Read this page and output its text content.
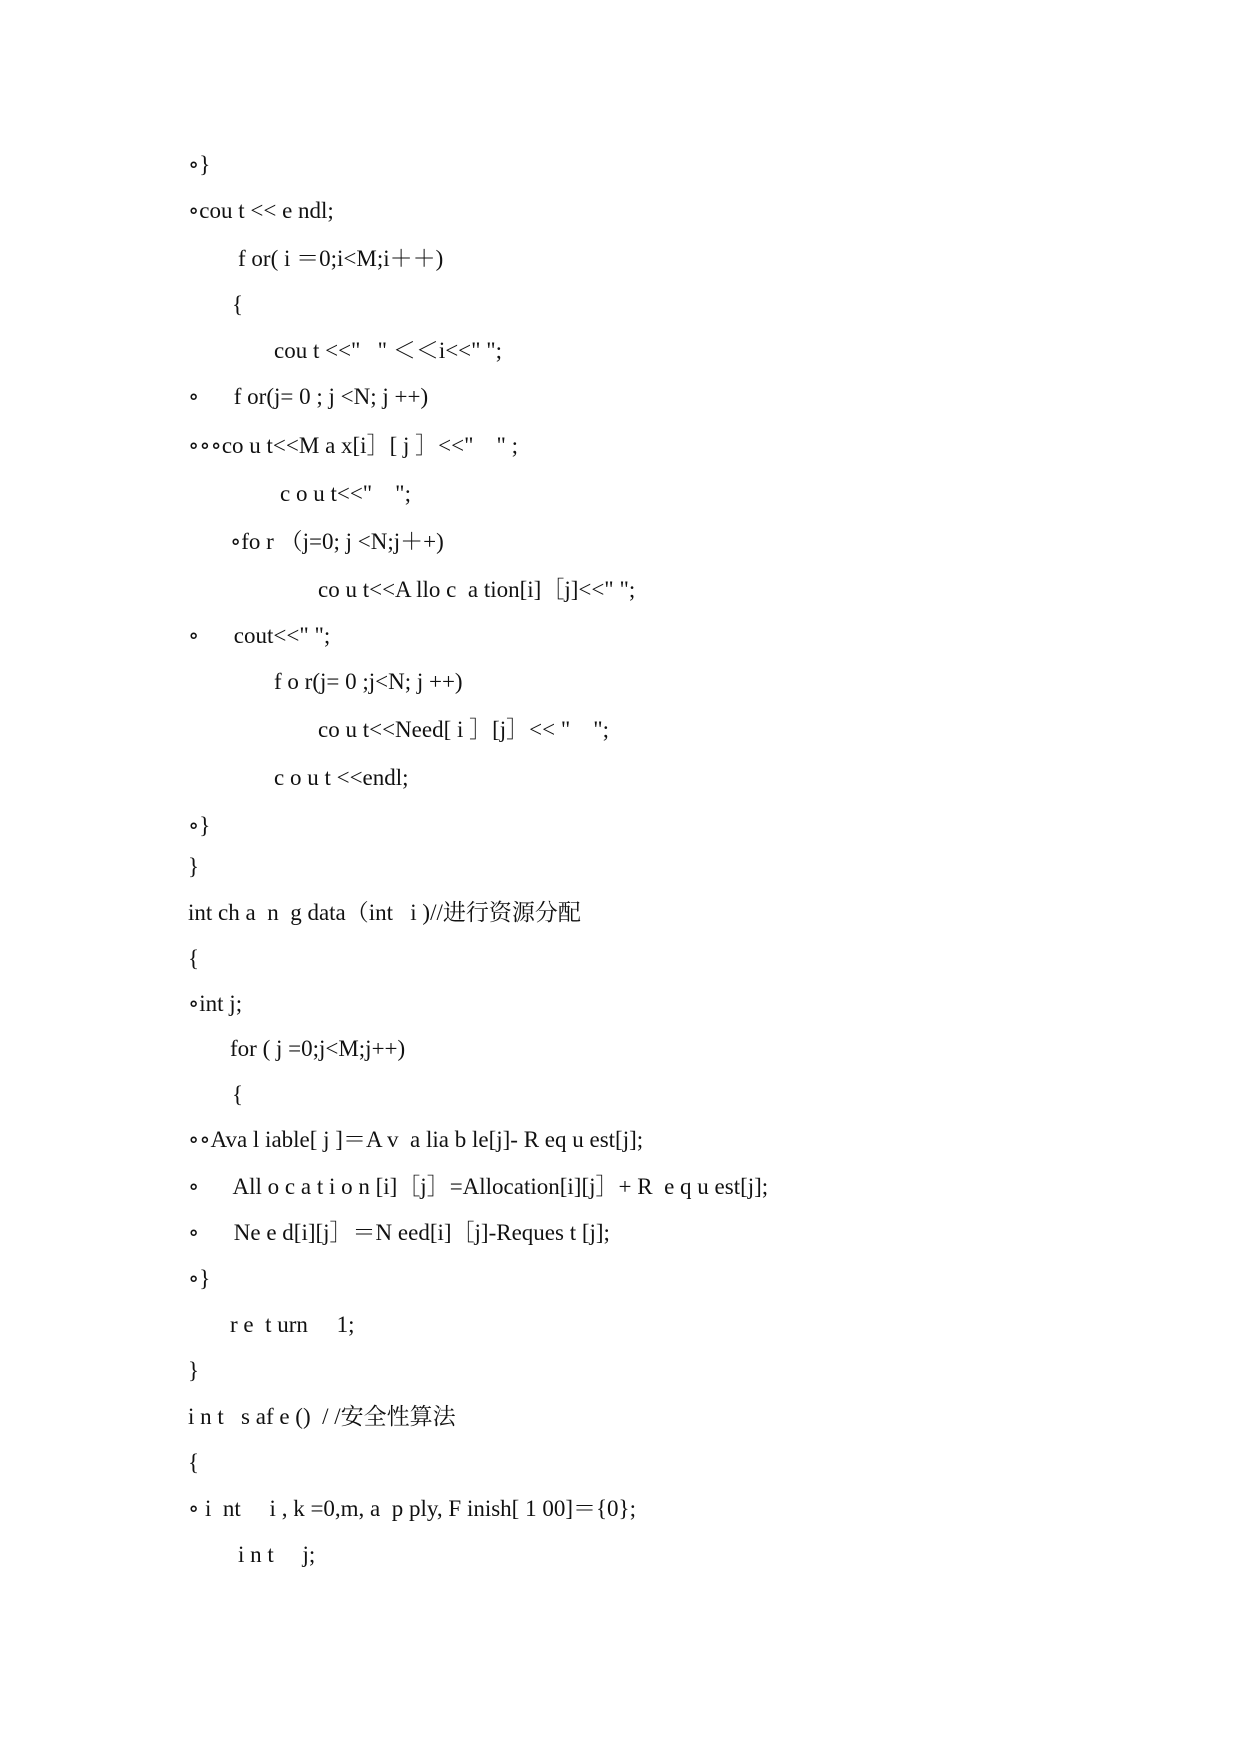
∘}
∘cou t << e ndl;
f or( i ＝0;i<M;i＋＋)
{
cou t <<"   " ＜＜i<<" ";
∘      f or(j= 0 ; j <N; j ++)
∘∘∘co u t<<M a x[i］[ j ］<<"    " ;
c o u t<<"    ";
∘fo r （j=0; j <N;j＋+)
co u t<<A llo c  a tion[i]［j]<<" ";
∘      cout<<" ";
f o r(j= 0 ;j<N; j ++)
co u t<<Need[ i ］[j］<< "    ";
c o u t <<endl;
∘}
}
int ch a  n  g data（int   i )//进行资源分配
{
∘int j;
for ( j =0;j<M;j++)
{
∘∘Ava l iable[ j ]＝A v  a lia b le[j]- R eq u est[j];
∘      All o c a t i o n [i]［j］=Allocation[i][j］+ R  e q u est[j];
∘      Ne e d[i][j］＝N eed[i]［j]-Reques t [j];
∘}
r e  t urn     1;
}
i n t   s af e ()  / /安全性算法
{
∘ i  nt     i , k =0,m, a  p ply, F inish[ 1 00]＝{0};
i n t     j;
